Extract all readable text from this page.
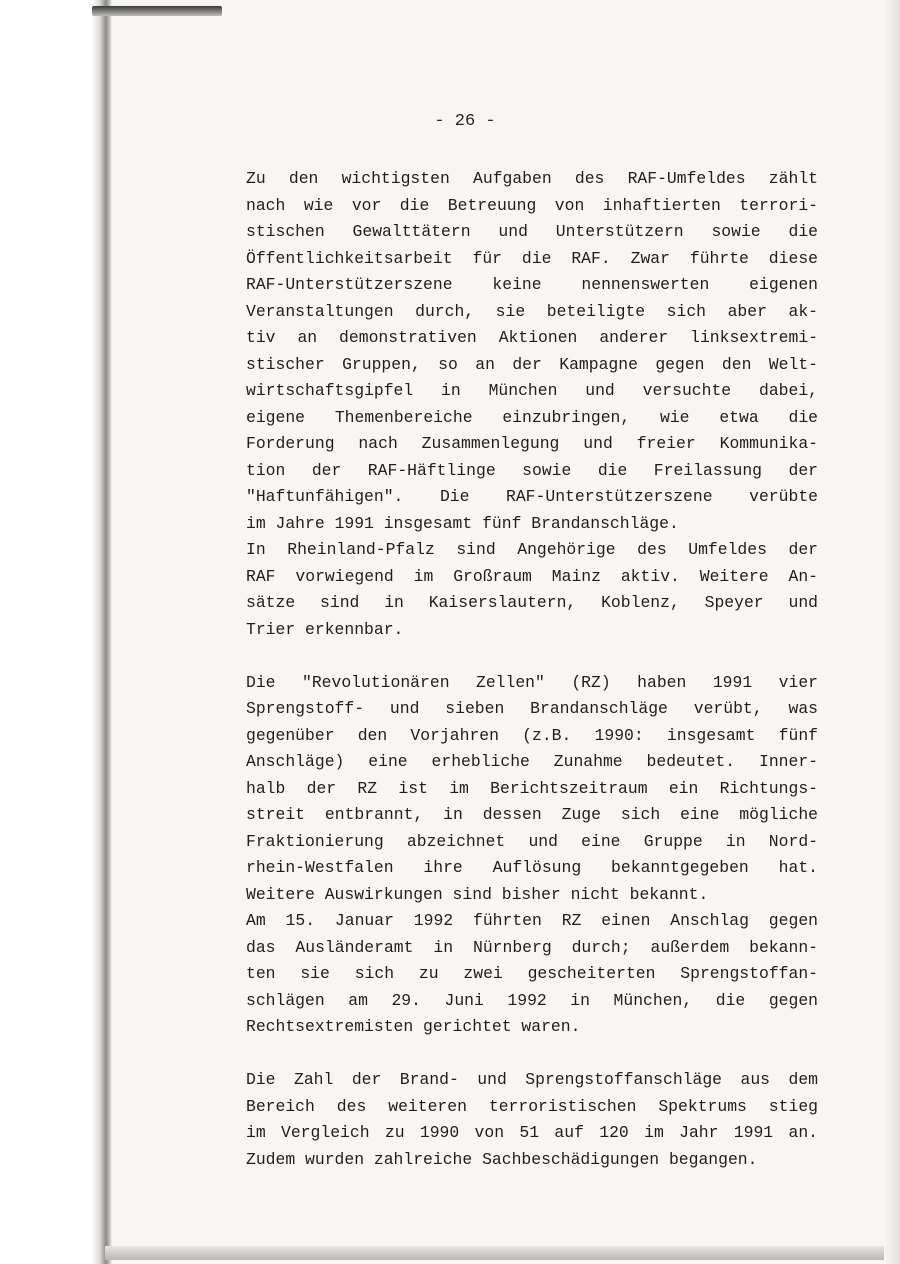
- 26 -
Zu den wichtigsten Aufgaben des RAF-Umfeldes zählt
nach wie vor die Betreuung von inhaftierten terrori-
stischen Gewalttätern und Unterstützern sowie die
Öffentlichkeitsarbeit für die RAF. Zwar führte diese
RAF-Unterstützerszene keine nennenswerten eigenen
Veranstaltungen durch, sie beteiligte sich aber ak-
tiv an demonstrativen Aktionen anderer linksextremi-
stischer Gruppen, so an der Kampagne gegen den Welt-
wirtschaftsgipfel in München und versuchte dabei,
eigene Themenbereiche einzubringen, wie etwa die
Forderung nach Zusammenlegung und freier Kommunika-
tion der RAF-Häftlinge sowie die Freilassung der
"Haftunfähigen". Die RAF-Unterstützerszene verübte
im Jahre 1991 insgesamt fünf Brandanschläge.
In Rheinland-Pfalz sind Angehörige des Umfeldes der
RAF vorwiegend im Großraum Mainz aktiv. Weitere An-
sätze sind in Kaiserslautern, Koblenz, Speyer und
Trier erkennbar.
Die "Revolutionären Zellen" (RZ) haben 1991 vier
Sprengstoff- und sieben Brandanschläge verübt, was
gegenüber den Vorjahren (z.B. 1990: insgesamt fünf
Anschläge) eine erhebliche Zunahme bedeutet. Inner-
halb der RZ ist im Berichtszeitraum ein Richtungs-
streit entbrannt, in dessen Zuge sich eine mögliche
Fraktionierung abzeichnet und eine Gruppe in Nord-
rhein-Westfalen ihre Auflösung bekanntgegeben hat.
Weitere Auswirkungen sind bisher nicht bekannt.
Am 15. Januar 1992 führten RZ einen Anschlag gegen
das Ausländeramt in Nürnberg durch; außerdem bekann-
ten sie sich zu zwei gescheiterten Sprengstoffan-
schlägen am 29. Juni 1992 in München, die gegen
Rechtsextremisten gerichtet waren.
Die Zahl der Brand- und Sprengstoffanschläge aus dem
Bereich des weiteren terroristischen Spektrums stieg
im Vergleich zu 1990 von 51 auf 120 im Jahr 1991 an.
Zudem wurden zahlreiche Sachbeschädigungen begangen.
